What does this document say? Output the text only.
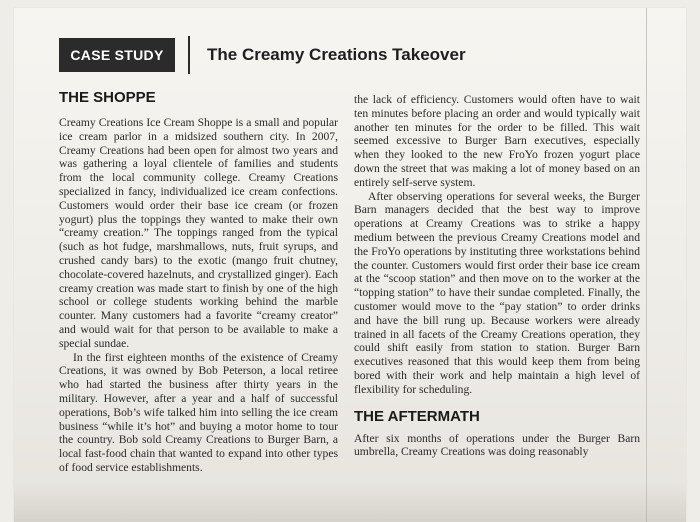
CASE STUDY	The Creamy Creations Takeover
THE SHOPPE

Creamy Creations Ice Cream Shoppe is a small and popular ice cream parlor in a midsized southern city. In 2007, Creamy Creations had been open for almost two years and was gathering a loyal clientele of families and students from the local community college. Creamy Creations specialized in fancy, individualized ice cream confections. Customers would order their base ice cream (or frozen yogurt) plus the toppings they wanted to make their own “creamy creation.” The toppings ranged from the typical (such as hot fudge, marshmallows, nuts, fruit syrups, and crushed candy bars) to the exotic (mango fruit chutney, chocolate-covered hazelnuts, and crystallized ginger). Each creamy creation was made start to finish by one of the high school or college students working behind the marble counter. Many customers had a favorite “creamy creator” and would wait for that person to be available to make a special sundae.

In the first eighteen months of the existence of Creamy Creations, it was owned by Bob Peterson, a local retiree who had started the business after thirty years in the military. However, after a year and a half of successful operations, Bob’s wife talked him into selling the ice cream business “while it’s hot” and buying a motor home to tour the country. Bob sold Creamy Creations to Burger Barn, a local fast-food chain that wanted to expand into other types of food service establishments.

the lack of efficiency. Customers would often have to wait ten minutes before placing an order and would typically wait another ten minutes for the order to be filled. This wait seemed excessive to Burger Barn executives, especially when they looked to the new FroYo frozen yogurt place down the street that was making a lot of money based on an entirely self-serve system.

After observing operations for several weeks, the Burger Barn managers decided that the best way to improve operations at Creamy Creations was to strike a happy medium between the previous Creamy Creations model and the FroYo operations by instituting three workstations behind the counter. Customers would first order their base ice cream at the “scoop station” and then move on to the worker at the “topping station” to have their sundae completed. Finally, the customer would move to the “pay station” to order drinks and have the bill rung up. Because workers were already trained in all facets of the Creamy Creations operation, they could shift easily from station to station. Burger Barn executives reasoned that this would keep them from being bored with their work and help maintain a high level of flexibility for scheduling.

THE AFTERMATH

After six months of operations under the Burger Barn umbrella, Creamy Creations was doing reasonably
